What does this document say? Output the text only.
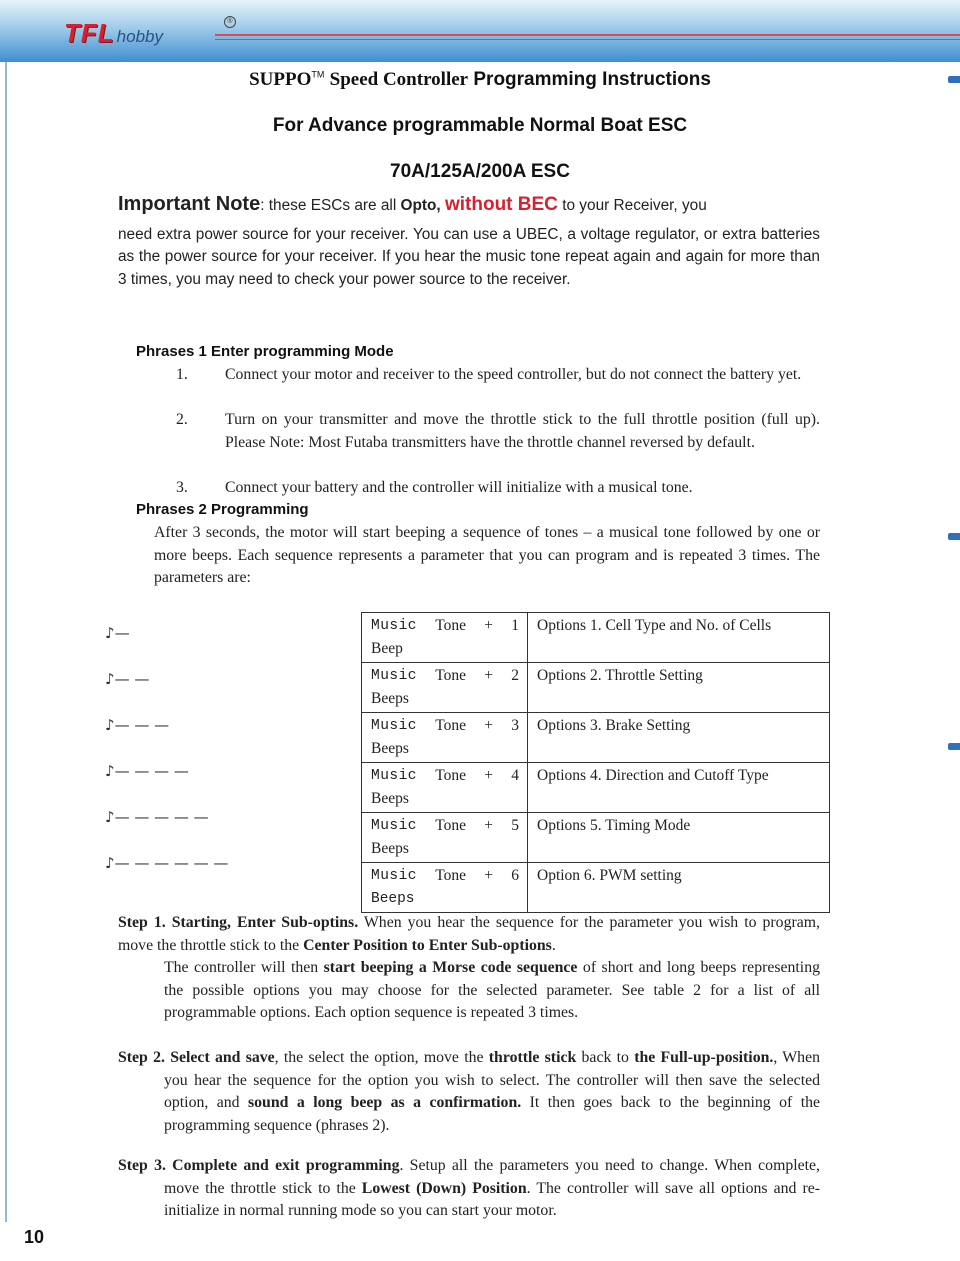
TFL hobby
®
SUPPO™ Speed Controller Programming Instructions
For Advance programmable Normal Boat ESC
70A/125A/200A ESC
Important Note: these ESCs are all Opto, without BEC to your Receiver, you
need extra power source for your receiver. You can use a UBEC, a voltage regulator, or extra batteries as the power source for your receiver. If you hear the music tone repeat again and again for more than 3 times, you may need to check your power source to the receiver.
Phrases 1 Enter programming Mode
1. Connect your motor and receiver to the speed controller, but do not connect the battery yet.
2. Turn on your transmitter and move the throttle stick to the full throttle position (full up). Please Note: Most Futaba transmitters have the throttle channel reversed by default.
3. Connect your battery and the controller will initialize with a musical tone.
Phrases 2 Programming
After 3 seconds, the motor will start beeping a sequence of tones – a musical tone followed by one or more beeps. Each sequence represents a parameter that you can program and is repeated 3 times. The parameters are:
♪—
♪— —
♪— — —
♪— — — —
♪— — — — —
♪— — — — — —
Music Tone + 1
Beep	Options 1. Cell Type and No. of Cells

Music Tone + 2
Beeps	Options 2. Throttle Setting

Music Tone + 3
Beeps	Options 3. Brake Setting

Music Tone + 4
Beeps	Options 4. Direction and Cutoff Type

Music Tone + 5
Beeps	Options 5. Timing Mode

Music Tone + 6
Beeps	Option 6. PWM setting
Step 1. Starting, Enter Sub-optins. When you hear the sequence for the parameter you wish to program, move the throttle stick to the Center Position to Enter Sub-options.
The controller will then start beeping a Morse code sequence of short and long beeps representing the possible options you may choose for the selected parameter. See table 2 for a list of all programmable options. Each option sequence is repeated 3 times.
Step 2. Select and save, the select the option, move the throttle stick back to the Full-up-position., When you hear the sequence for the option you wish to select. The controller will then save the selected option, and sound a long beep as a confirmation. It then goes back to the beginning of the programming sequence (phrases 2).
Step 3. Complete and exit programming. Setup all the parameters you need to change. When complete, move the throttle stick to the Lowest (Down) Position. The controller will save all options and re-initialize in normal running mode so you can start your motor.
10
